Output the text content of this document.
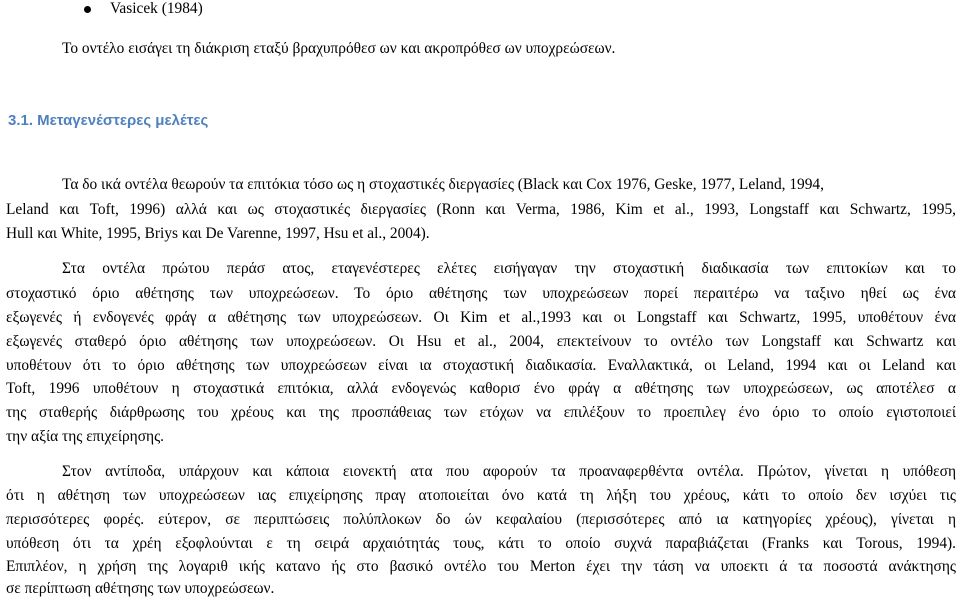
Vasicek (1984)
Το οντέλο εισάγει τη διάκριση εταξύ βραχυπρόθεσ ων και ακροπρόθεσ ων υποχρεώσεων.
3.1. Μεταγενέστερες μελέτες
Τα δο ικά οντέλα θεωρούν τα επιτόκια τόσο ως η στοχαστικές διεργασίες (Black και Cox 1976, Geske, 1977, Leland, 1994,
Leland και Toft, 1996) αλλά και ως στοχαστικές διεργασίες (Ronn και Verma, 1986, Kim et al., 1993, Longstaff και Schwartz, 1995,
Hull και White, 1995, Briys και De Varenne, 1997, Hsu et al., 2004).
Στα οντέλα πρώτου περάσ ατος, εταγενέστερες ελέτες εισήγαγαν την στοχαστική διαδικασία των επιτοκίων και το
στοχαστικό όριο αθέτησης των υποχρεώσεων. Το όριο αθέτησης των υποχρεώσεων πορεί περαιτέρω να ταξινο ηθεί ως ένα
εξωγενές ή ενδογενές φράγ α αθέτησης των υποχρεώσεων. Οι Kim et al.,1993 και οι Longstaff και Schwartz, 1995, υποθέτουν ένα
εξωγενές σταθερό όριο αθέτησης των υποχρεώσεων. Οι Hsu et al., 2004, επεκτείνουν το οντέλο των Longstaff και Schwartz και
υποθέτουν ότι το όριο αθέτησης των υποχρεώσεων είναι ια στοχαστική διαδικασία. Εναλλακτικά, οι Leland, 1994 και οι Leland και
Toft, 1996 υποθέτουν η στοχαστικά επιτόκια, αλλά ενδογενώς καθορισ ένο φράγ α αθέτησης των υποχρεώσεων, ως αποτέλεσ α
της σταθερής διάρθρωσης του χρέους και της προσπάθειας των ετόχων να επιλέξουν το προεπιλεγ ένο όριο το οποίο εγιστοποιεί
την αξία της επιχείρησης.
Στον αντίποδα, υπάρχουν και κάποια ειονεκτή ατα που αφορούν τα προαναφερθέντα οντέλα. Πρώτον, γίνεται η υπόθεση
ότι η αθέτηση των υποχρεώσεων ιας επιχείρησης πραγ ατοποιείται όνο κατά τη λήξη του χρέους, κάτι το οποίο δεν ισχύει τις
περισσότερες φορές. εύτερον, σε περιπτώσεις πολύπλοκων δο ών κεφαλαίου (περισσότερες από ια κατηγορίες χρέους), γίνεται η
υπόθεση ότι τα χρέη εξοφλούνται ε τη σειρά αρχαιότητάς τους, κάτι το οποίο συχνά παραβιάζεται (Franks και Torous, 1994).
Επιπλέον, η χρήση της λογαριθ ικής κατανο ής στο βασικό οντέλο του Merton έχει την τάση να υποεκτι ά τα ποσοστά ανάκτησης
σε περίπτωση αθέτησης των υποχρεώσεων.
